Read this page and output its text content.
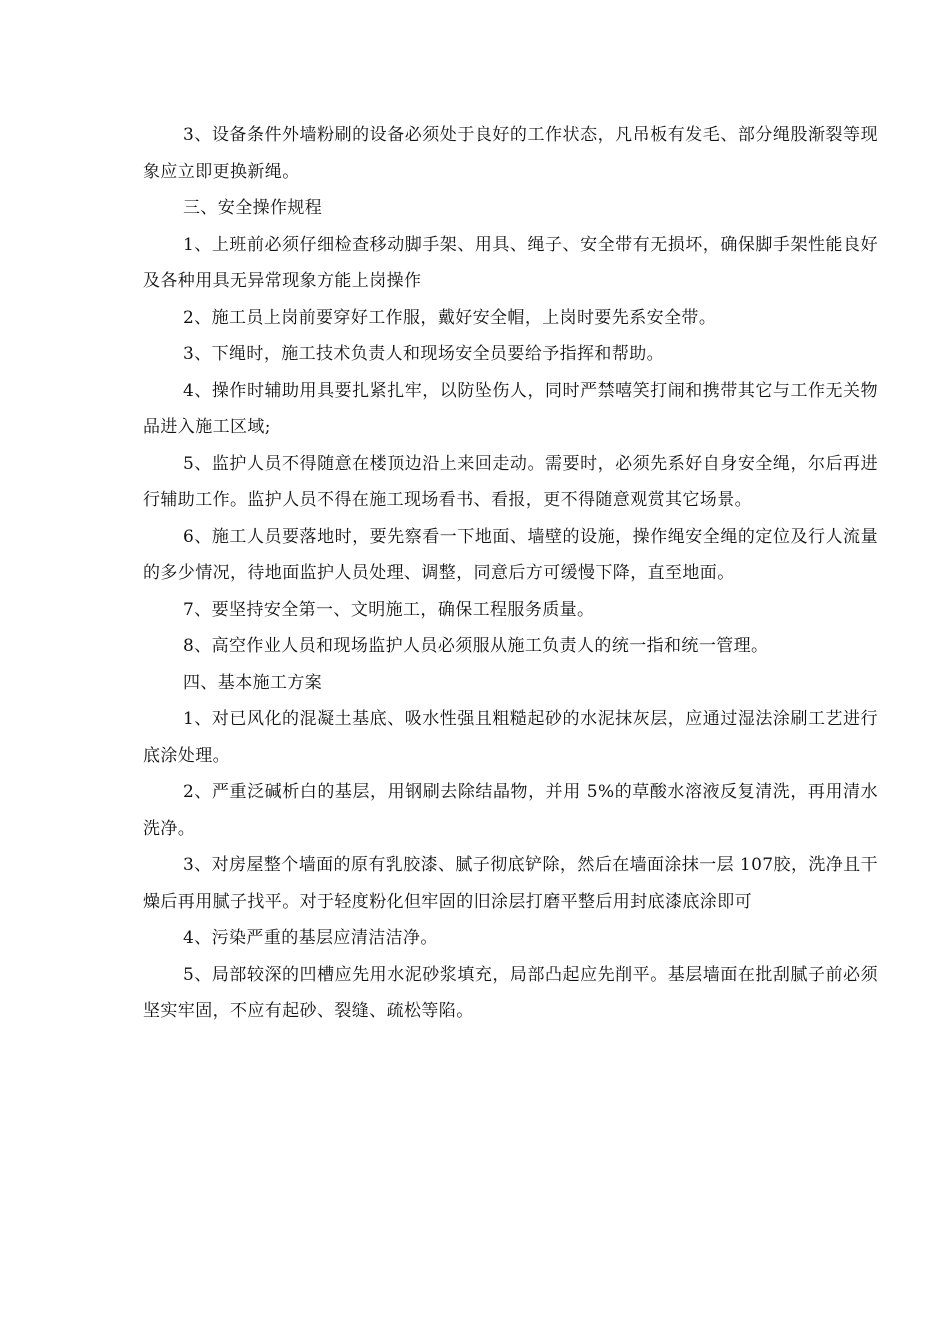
3、设备条件外墙粉刷的设备必须处于良好的工作状态，凡吊板有发毛、部分绳股渐裂等现象应立即更换新绳。

三、安全操作规程

1、上班前必须仔细检查移动脚手架、用具、绳子、安全带有无损坏，确保脚手架性能良好及各种用具无异常现象方能上岗操作

2、施工员上岗前要穿好工作服，戴好安全帽，上岗时要先系安全带。

3、下绳时，施工技术负责人和现场安全员要给予指挥和帮助。

4、操作时辅助用具要扎紧扎牢，以防坠伤人，同时严禁嘻笑打闹和携带其它与工作无关物品进入施工区域;

5、监护人员不得随意在楼顶边沿上来回走动。需要时，必须先系好自身安全绳，尔后再进行辅助工作。监护人员不得在施工现场看书、看报，更不得随意观赏其它场景。

6、施工人员要落地时，要先察看一下地面、墙壁的设施，操作绳安全绳的定位及行人流量的多少情况，待地面监护人员处理、调整，同意后方可缓慢下降，直至地面。

7、要坚持安全第一、文明施工，确保工程服务质量。

8、高空作业人员和现场监护人员必须服从施工负责人的统一指和统一管理。

四、基本施工方案

1、对已风化的混凝土基底、吸水性强且粗糙起砂的水泥抹灰层，应通过湿法涂刷工艺进行底涂处理。

2、严重泛碱析白的基层，用钢刷去除结晶物，并用 5%的草酸水溶液反复清洗，再用清水洗净。

3、对房屋整个墙面的原有乳胶漆、腻子彻底铲除，然后在墙面涂抹一层 107胶，洗净且干燥后再用腻子找平。对于轻度粉化但牢固的旧涂层打磨平整后用封底漆底涂即可

4、污染严重的基层应清洁洁净。

5、局部较深的凹槽应先用水泥砂浆填充，局部凸起应先削平。基层墙面在批刮腻子前必须坚实牢固，不应有起砂、裂缝、疏松等陷。
